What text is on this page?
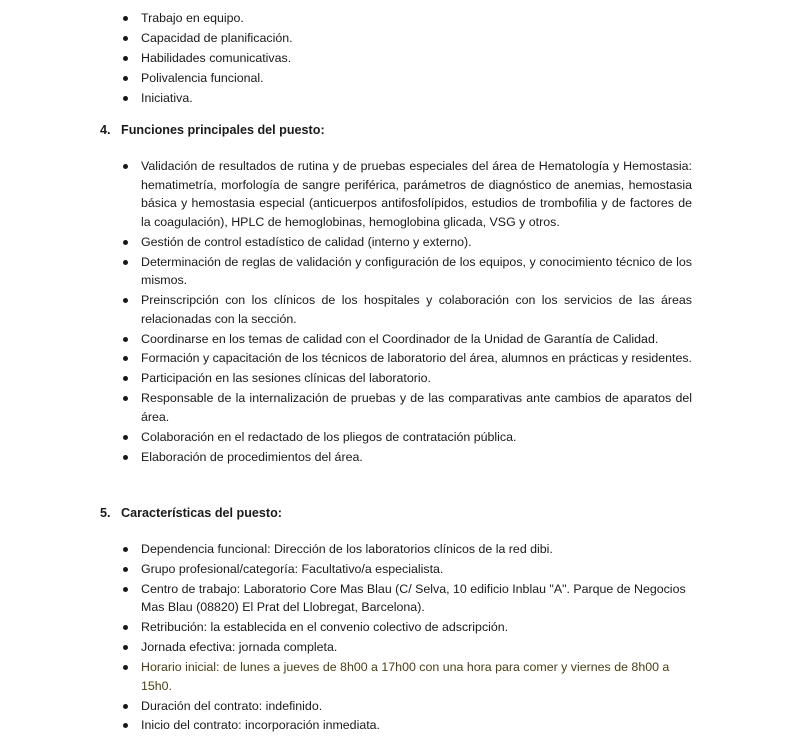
Trabajo en equipo.
Capacidad de planificación.
Habilidades comunicativas.
Polivalencia funcional.
Iniciativa.
4. Funciones principales del puesto:
Validación de resultados de rutina y de pruebas especiales del área de Hematología y Hemostasia: hematimetría, morfología de sangre periférica, parámetros de diagnóstico de anemias, hemostasia básica y hemostasia especial (anticuerpos antifosfolípidos, estudios de trombofilia y de factores de la coagulación), HPLC de hemoglobinas, hemoglobina glicada, VSG y otros.
Gestión de control estadístico de calidad (interno y externo).
Determinación de reglas de validación y configuración de los equipos, y conocimiento técnico de los mismos.
Preinscripción con los clínicos de los hospitales y colaboración con los servicios de las áreas relacionadas con la sección.
Coordinarse en los temas de calidad con el Coordinador de la Unidad de Garantía de Calidad.
Formación y capacitación de los técnicos de laboratorio del área, alumnos en prácticas y residentes.
Participación en las sesiones clínicas del laboratorio.
Responsable de la internalización de pruebas y de las comparativas ante cambios de aparatos del área.
Colaboración en el redactado de los pliegos de contratación pública.
Elaboración de procedimientos del área.
5. Características del puesto:
Dependencia funcional: Dirección de los laboratorios clínicos de la red dibi.
Grupo profesional/categoría: Facultativo/a especialista.
Centro de trabajo: Laboratorio Core Mas Blau (C/ Selva, 10 edificio Inblau "A". Parque de Negocios Mas Blau (08820) El Prat del Llobregat, Barcelona).
Retribución: la establecida en el convenio colectivo de adscripción.
Jornada efectiva: jornada completa.
Horario inicial: de lunes a jueves de 8h00 a 17h00 con una hora para comer y viernes de 8h00 a 15h0.
Duración del contrato: indefinido.
Inicio del contrato: incorporación inmediata.
